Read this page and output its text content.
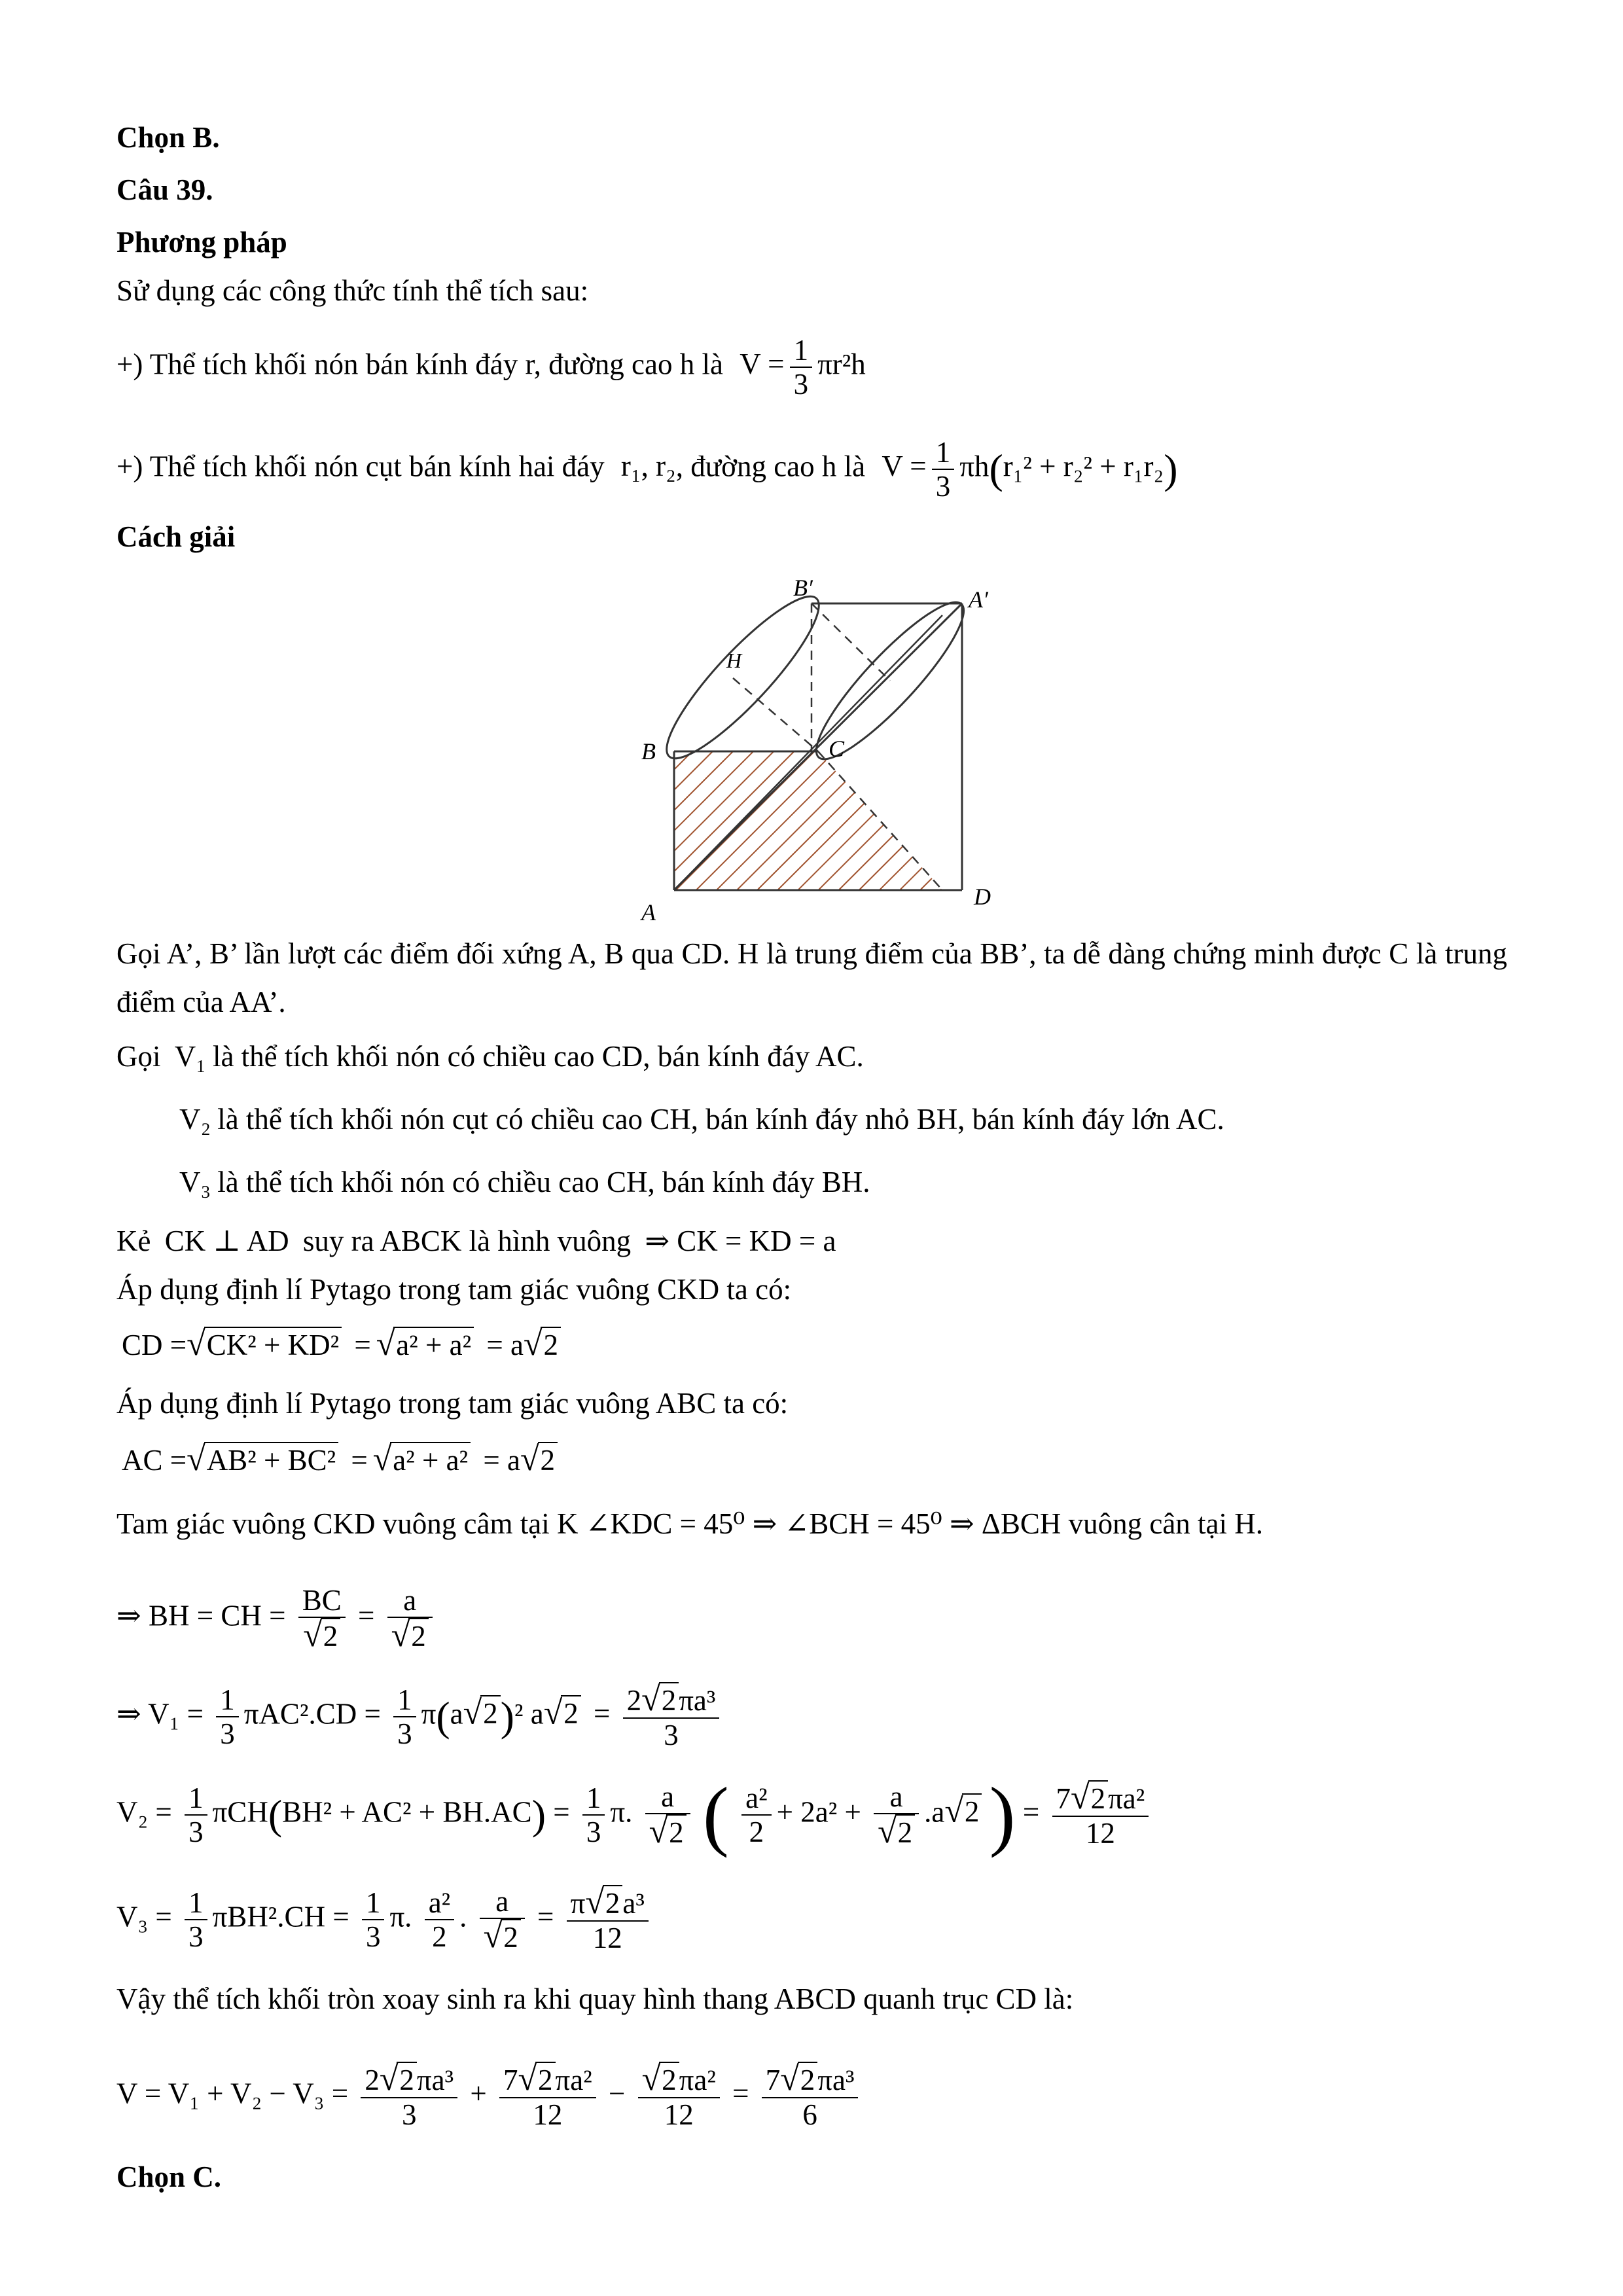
Chọn B.
Câu 39.
Phương pháp
Sử dụng các công thức tính thể tích sau:
+) Thể tích khối nón bán kính đáy r, đường cao h là $V = \frac{1}{3} \pi r^2h$
+) Thể tích khối nón cụt bán kính hai đáy r₁, r₂, đường cao h là $V = \frac{1}{3} \pi h(r_1^2 + r_2^2 + r_1r_2)$
Cách giải
B′	A′
H
B	C
A
D
Gọi A’, B’ lần lượt các điểm đối xứng A, B qua CD. H là trung điểm của BB’, ta dễ dàng chứng minh được C là trung điểm của AA’.
Gọi V₁ là thể tích khối nón có chiều cao CD, bán kính đáy AC.
V₂ là thể tích khối nón cụt có chiều cao CH, bán kính đáy nhỏ BH, bán kính đáy lớn AC.
V₃ là thể tích khối nón có chiều cao CH, bán kính đáy BH.
Kẻ CK ⊥ AD suy ra ABCK là hình vuông ⇒ CK = KD = a
Áp dụng định lí Pytago trong tam giác vuông CKD ta có:
CD =√CK² + KD² = √a² + a² = a√2
Áp dụng định lí Pytago trong tam giác vuông ABC ta có:
AC =√AB² + BC² = √a² + a² = a√2
Tam giác vuông CKD vuông câm tại K ∠KDC = 45⁰ ⇒ ∠BCH = 45⁰ ⇒ ΔBCH vuông cân tại H.
⇒ BH = CH = $\frac{BC}{√2} = \frac{a}{√2}$
⇒ $V_1 = \frac{1}{3} \pi AC^2.CD = \frac{1}{3} \pi(a√2)^2$ $a√2 = \frac{\text{2√2πa³}}{3}$
$V_2 = \frac{1}{3} \pi CH(BH^2 + AC^2 + BH.AC) = \frac{1}{3} \pi$. $\frac{a}{√2}$ ( $\frac{\text{a²}}{2} + 2a^2 + \frac{a}{√2} .a√2$ ) = $\frac{\text{7√2πa²}}{12}$
$V_3 = \frac{1}{3} \pi BH^2.CH = \frac{1}{3} \pi$. $\frac{\text{a²}}{2}$ . $\frac{a}{√2} = \frac{\text{π√2a³}}{12}$
Vậy thể tích khối tròn xoay sinh ra khi quay hình thang ABCD quanh trục CD là:
$V = V_1 + V_2 - V_3 = \frac{\text{2√2πa³}}{3} + \frac{\text{7√2πa²}}{12} - \frac{\text{√2πa²}}{12} = \frac{\text{7√2πa³}}{6}$
Chọn C.
